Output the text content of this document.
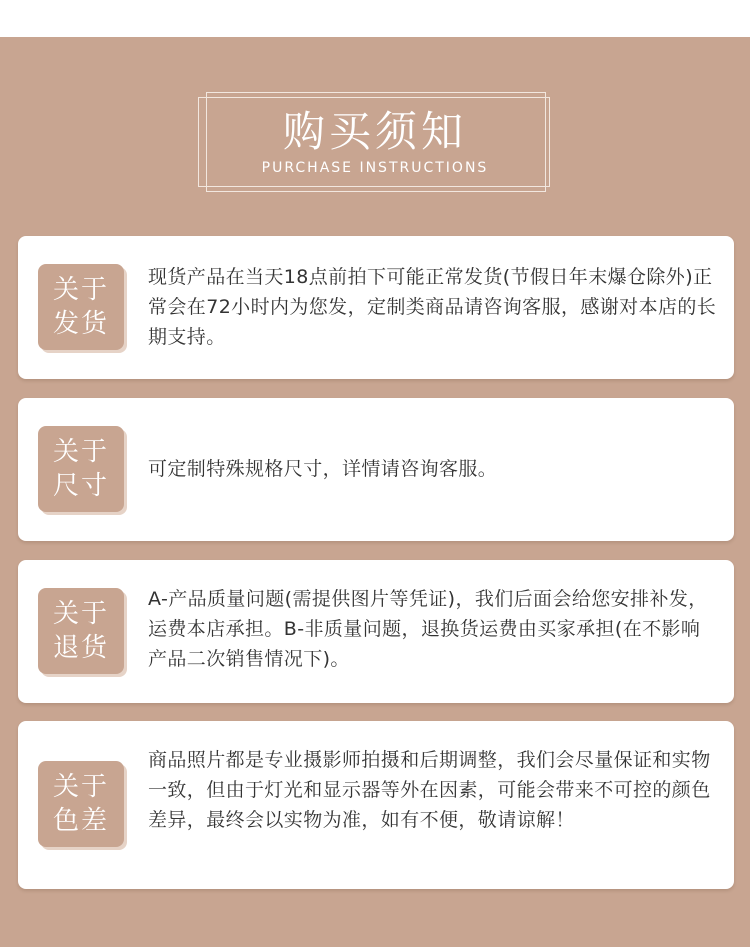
购买须知
PURCHASE INSTRUCTIONS
关于
发货
现货产品在当天18点前拍下可能正常发货(节假日年末爆仓除外)正常会在72小时内为您发，定制类商品请咨询客服，感谢对本店的长期支持。
关于
尺寸
可定制特殊规格尺寸，详情请咨询客服。
关于
退货
A-产品质量问题(需提供图片等凭证)，我们后面会给您安排补发，运费本店承担。B-非质量问题，退换货运费由买家承担(在不影响产品二次销售情况下)。
关于
色差
商品照片都是专业摄影师拍摄和后期调整，我们会尽量保证和实物一致，但由于灯光和显示器等外在因素，可能会带来不可控的颜色差异，最终会以实物为准，如有不便，敬请谅解！
